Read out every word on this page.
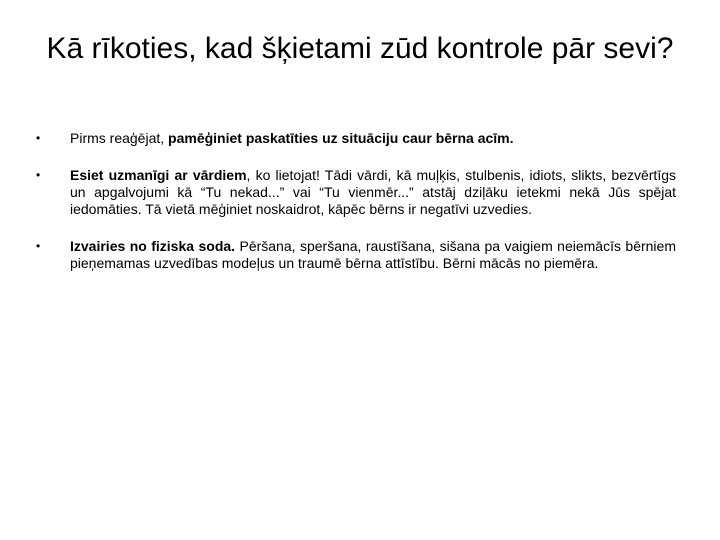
Kā rīkoties, kad šķietami zūd kontrole pār sevi?
• Pirms reaģējat, pamēģiniet paskatīties uz situāciju caur bērna acīm.
• Esiet uzmanīgi ar vārdiem, ko lietojat! Tādi vārdi, kā muļķis, stulbenis, idiots, slikts, bezvērtīgs un apgalvojumi kā “Tu nekad...” vai “Tu vienmēr...” atstāj dziļāku ietekmi nekā Jūs spējat iedomāties. Tā vietā mēģiniet noskaidrot, kāpēc bērns ir negatīvi uzvedies.
• Izvairies no fiziska soda. Pēršana, speršana, raustīšana, sišana pa vaigiem neiemācīs bērniem pieņemamas uzvedības modeļus un traumē bērna attīstību. Bērni mācās no piemēra.
